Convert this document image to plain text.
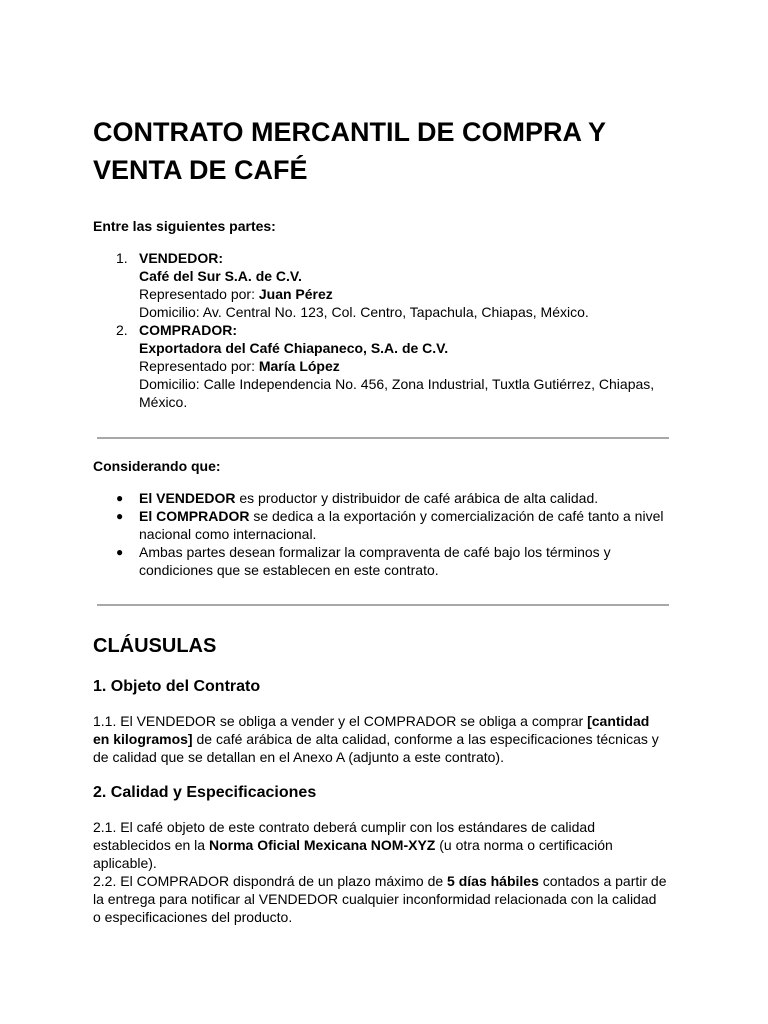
CONTRATO MERCANTIL DE COMPRA Y
VENTA DE CAFÉ

Entre las siguientes partes:

1. VENDEDOR:
Café del Sur S.A. de C.V.
Representado por: Juan Pérez
Domicilio: Av. Central No. 123, Col. Centro, Tapachula, Chiapas, México.
2. COMPRADOR:
Exportadora del Café Chiapaneco, S.A. de C.V.
Representado por: María López
Domicilio: Calle Independencia No. 456, Zona Industrial, Tuxtla Gutiérrez, Chiapas,
México.

Considerando que:

● El VENDEDOR es productor y distribuidor de café arábica de alta calidad.
● El COMPRADOR se dedica a la exportación y comercialización de café tanto a nivel
nacional como internacional.
● Ambas partes desean formalizar la compraventa de café bajo los términos y
condiciones que se establecen en este contrato.
CLÁUSULAS
1. Objeto del Contrato

1.1. El VENDEDOR se obliga a vender y el COMPRADOR se obliga a comprar [cantidad
en kilogramos] de café arábica de alta calidad, conforme a las especificaciones técnicas y
de calidad que se detallan en el Anexo A (adjunto a este contrato).

2. Calidad y Especificaciones

2.1. El café objeto de este contrato deberá cumplir con los estándares de calidad
establecidos en la Norma Oficial Mexicana NOM-XYZ (u otra norma o certificación
aplicable).

2.2. El COMPRADOR dispondrá de un plazo máximo de 5 días hábiles contados a partir de
la entrega para notificar al VENDEDOR cualquier inconformidad relacionada con la calidad
o especificaciones del producto.
